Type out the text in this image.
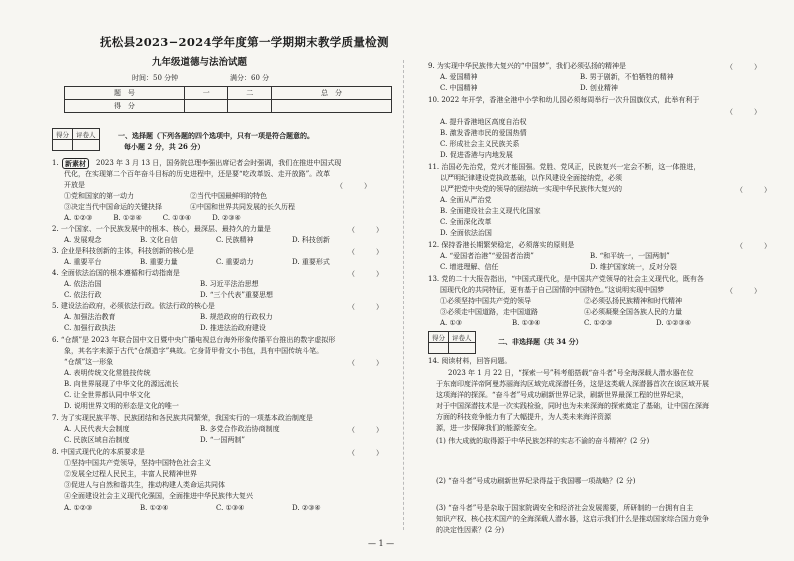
抚松县2023−2024学年度第一学期期末教学质量检测
九年级道德与法治试题
时间：50 分钟	满分：60 分
题　号	一	二	总　分
得　分			
得分	评卷人
		一、选择题（下列各题的四个选项中，只有一项是符合题意的。
每小题 2 分，共 26 分）
1. 新素材	2023 年 3 月 13 日，国务院总理李强出席记者会时强调，我们在推进中国式现
代化，在实现第二个百年奋斗目标的历史进程中，还是要“吃改革饭、走开放路”。改革
开放是	（　　　）
①党和国家的第一动力	②当代中国最鲜明的特色
③决定当代中国命运的关键抉择	④中国和世界共同发展的长久历程
A. ①②③　　　B. ①②④　　　C. ①③④　　　D. ②③④
2. 一个国家、一个民族发展中的根本、核心，最深层、最持久的力量是	（　　　）
A. 发展观念	B. 文化自信	C. 民族精神	D. 科技创新
3. 企业是科技创新的主体，科技创新的核心是	（　　　）
A. 重要平台	B. 重要力量	C. 重要动力	D. 重要形式
4. 全面依法治国的根本遵循和行动指南是	（　　　）
A. 依法治国	B. 习近平法治思想
C. 依法行政	D. “三个代表”重要思想
5. 建设法治政府，必须依法行政。依法行政的核心是	（　　　）
A. 加强法治教育	B. 规范政府的行政权力
C. 加强行政执法	D. 推进法治政府建设
6. “仓颉”是 2023 年联合国中文日暨中央广播电视总台海外形象传播平台推出的数字虚拟形
象，其名字来源于古代“仓颉造字”典故。它身背甲骨文小书包，具有中国传统斗笔。
“仓颉”这一形象	（　　　）
A. 表明传统文化常胜技传统
B. 向世界展现了中华文化的源远流长
C. 让全世界都认同中华文化
D. 说明世界文明的形态是文化的唯一
7. 为了实现民族平等、民族团结和各民族共同繁荣，我国实行的一项基本政治制度是
（　　　）
A. 人民代表大会制度	B. 多党合作政治协商制度
C. 民族区域自治制度	D. “一国两制”
8. 中国式现代化的本质要求是	（　　　）
①坚持中国共产党领导，坚持中国特色社会主义
②发展全过程人民民主，丰富人民精神世界
③促进人与自然和谐共生，推动构建人类命运共同体
④全面建设社会主义现代化强国，全面推进中华民族伟大复兴
A. ①②③	B. ①②④	C. ①③④	D. ②③④
9. 为实现中华民族伟大复兴的“中国梦”，我们必须弘扬的精神是	（　　　）
A. 爱国精神	B. 男于剧新，不怕牺牲的精神
C. 中国精神	D. 创业精神
10. 2022 年开学，香港全港中小学和幼儿园必须每周举行一次升国旗仪式，此举有利于
（　　　）
A. 提升香港地区高度自治权
B. 激发香港市民的爱国热情
C. 形成社会主义民族关系
D. 促进香港与内地发展
11. 治国必先治党，党兴才能国强。党胜、党风正，民族复兴一定会不断，这一体推进，
以严明纪律建设党执政基础，以作风建设全面接纳党，必须
以严把党中央党的领导的团结统一实现中华民族伟大复兴的	（　　　）
A. 全面从严治党
B. 全面建设社会主义现代化国家
C. 全面深化改革
D. 全面依法治国
12. 保持香港长期繁荣稳定，必须落实的原则是	（　　　）
A. “爱国者治港”“爱国者治澳”	B. “和平统一，一国两制”
C. 增进理解、信任	D. 维护国家统一，反对分裂
13. 党的二十大报告指出，“中国式现代化，是中国共产党领导的社会主义现代化，既有各
国现代化的共同特征，更有基于自己国情的中国特色。”这说明实现中国梦	（　　　）
①必须坚持中国共产党的领导	②必须弘扬民族精神和时代精神
③必须走中国道路，走中国道路	④必须凝聚全国各族人民的力量
A. ①③	B. ①③④	C. ①②③	D. ①②③④
得分	评卷人
		二、非选择题（共 34 分）
14. 阅读材料，回答问题。
2023 年 1 月 22 日，“探索一号”科考船搭载“奋斗者”号全海深载人潜水器在位
于东南印度洋帝阿曼苏丽海沟区域完成深潜任务，这是这类载人深潜器首次在该区域开展
这项海洋的探深。“奋斗者”号成功刷新世界记录，刷新世界最深工程的世界纪录，
对于中国深潜技术是一次实践检验，同时也为未来深海的探索奠定了基础，让中国在深海
方面的科技竞争能力有了大幅提升，为人类未来海洋资源
源，进一步保障我们的能源安全。
(1) 伟大成就的取得源于中华民族怎样的实志不渝的奋斗精神？(2 分)
(2) “奋斗者”号成功刷新世界纪录得益于我国哪一项战略？(2 分)
(3) “奋斗者”号是杂取于国家院调安全和经济社会发展需要，所研制的一台拥有自主
知识产权、核心技术国产的全海深载人潜水器，这启示我们什么是推动国家综合国力竞争
的决定性因素？(2 分)
— 1 —
